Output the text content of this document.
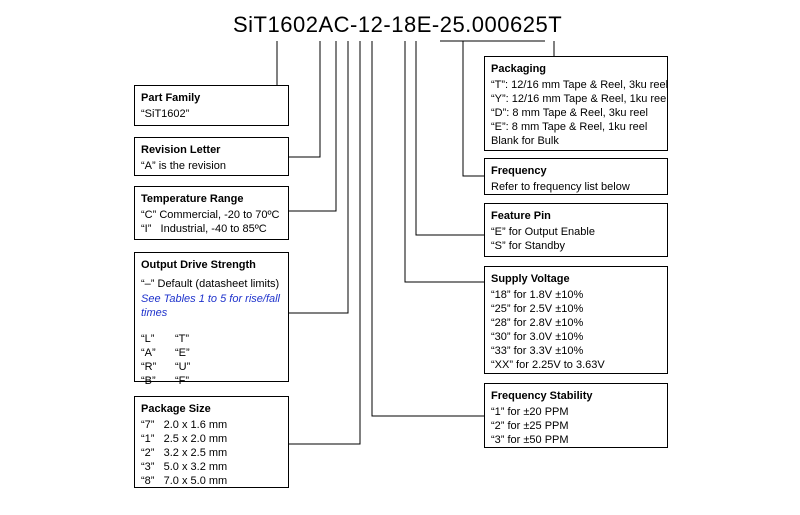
SiT1602AC-12-18E-25.000625T
Part Family
“SiT1602”
Revision Letter
“A” is the revision
Temperature Range
“C” Commercial, -20 to 70ºC
“I”   Industrial, -40 to 85ºC
Output Drive Strength
“–” Default (datasheet limits)
See Tables 1 to 5 for rise/fall times
“L”	“T”
“A”	“E”
“R”	“U”
“B”	“F”
Package Size
“7”   2.0 x 1.6 mm
“1”   2.5 x 2.0 mm
“2”   3.2 x 2.5 mm
“3”   5.0 x 3.2 mm
“8”   7.0 x 5.0 mm
Packaging
“T”: 12/16 mm Tape & Reel, 3ku reel
“Y”: 12/16 mm Tape & Reel, 1ku reel
“D”: 8 mm Tape & Reel, 3ku reel
“E”: 8 mm Tape & Reel, 1ku reel
Blank for Bulk
Frequency
Refer to frequency list below
Feature Pin
“E” for Output Enable
“S” for Standby
Supply Voltage
“18” for 1.8V ±10%
“25” for 2.5V ±10%
“28” for 2.8V ±10%
“30” for 3.0V ±10%
“33” for 3.3V ±10%
“XX” for 2.25V to 3.63V
Frequency Stability
“1” for ±20 PPM
“2” for ±25 PPM
“3” for ±50 PPM
